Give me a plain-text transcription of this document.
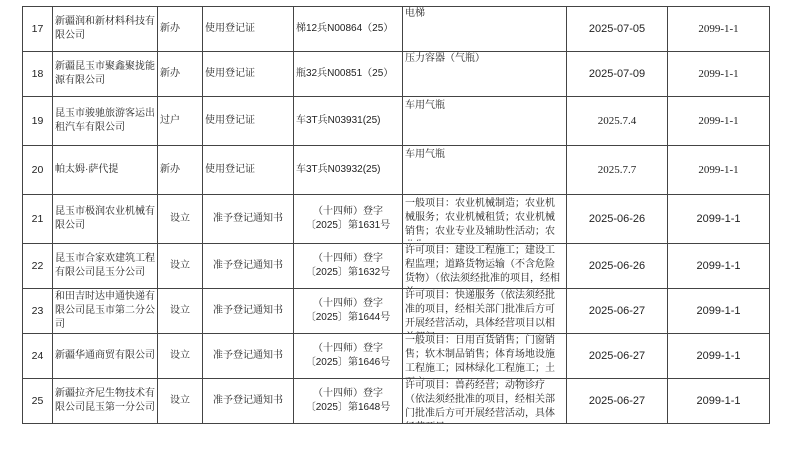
17	新疆润和新材料科技有限公司	新办	使用登记证	梯12兵N00864（25）	电梯	2025-07-05	2099-1-1
18	新疆昆玉市聚鑫聚拢能源有限公司	新办	使用登记证	瓶32兵N00851（25）	压力容器（气瓶）	2025-07-09	2099-1-1
19	昆玉市骏驰旅游客运出租汽车有限公司	过户	使用登记证	车3T兵N03931(25)	车用气瓶	2025.7.4	2099-1-1
20	帕太姆·萨代提	新办	使用登记证	车3T兵N03932(25)	车用气瓶	2025.7.7	2099-1-1
21	昆玉市极润农业机械有限公司	设立	准予登记通知书	（十四师）登字〔2025〕第1631号	一般项目：农业机械制造；农业机械服务；农业机械租赁；农业机械销售；农业专业及辅助性活动；农	2025-06-26	2099-1-1
22	昆玉市合家欢建筑工程有限公司昆玉分公司	设立	准予登记通知书	（十四师）登字〔2025〕第1632号	许可项目：建设工程施工；建设工程监理；道路货物运输（不含危险货物）（依法须经批准的项目，经相	2025-06-26	2099-1-1
23	和田吉时达申通快递有限公司昆玉市第二分公司	设立	准予登记通知书	（十四师）登字〔2025〕第1644号	许可项目：快递服务（依法须经批准的项目，经相关部门批准后方可开展经营活动，具体经营项目以相	2025-06-27	2099-1-1
24	新疆华通商贸有限公司	设立	准予登记通知书	（十四师）登字〔2025〕第1646号	一般项目：日用百货销售；门窗销售；软木制品销售；体育场地设施工程施工；园林绿化工程施工；土	2025-06-27	2099-1-1
25	新疆拉齐尼生物技术有限公司昆玉第一分公司	设立	准予登记通知书	（十四师）登字〔2025〕第1648号	许可项目：兽药经营；动物诊疗（依法须经批准的项目，经相关部门批准后方可开展经营活动，具体	2025-06-27	2099-1-1
